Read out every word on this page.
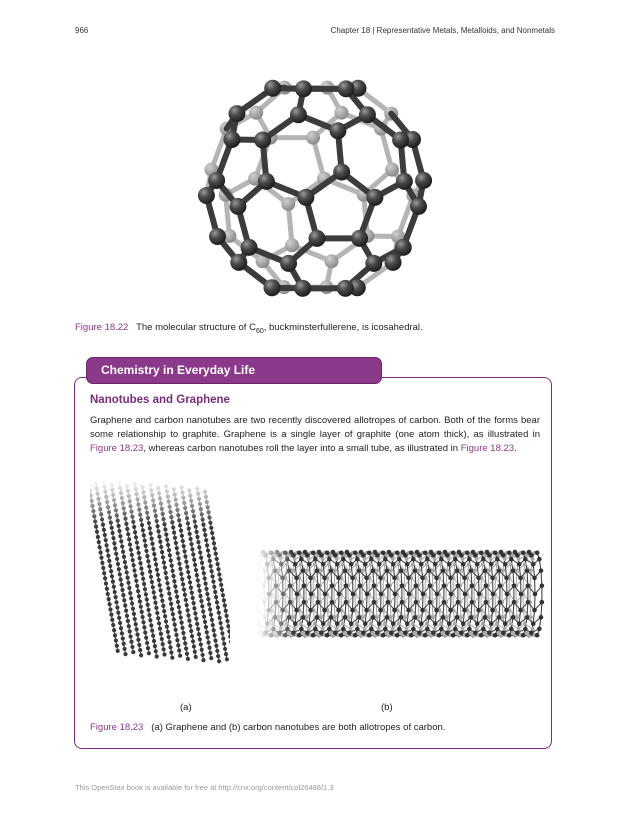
966	Chapter 18 | Representative Metals, Metalloids, and Nonmetals
Figure 18.22 The molecular structure of $C_{60}$, buckminsterfullerene, is icosahedral.
Chemistry in Everyday Life
Nanotubes and Graphene
Graphene and carbon nanotubes are two recently discovered allotropes of carbon. Both of the forms bear some relationship to graphite. Graphene is a single layer of graphite (one atom thick), as illustrated in Figure 18.23, whereas carbon nanotubes roll the layer into a small tube, as illustrated in Figure 18.23.
(a)	(b)
Figure 18.23 (a) Graphene and (b) carbon nanotubes are both allotropes of carbon.
This OpenStax book is available for free at http://cnx.org/content/col26488/1.3
